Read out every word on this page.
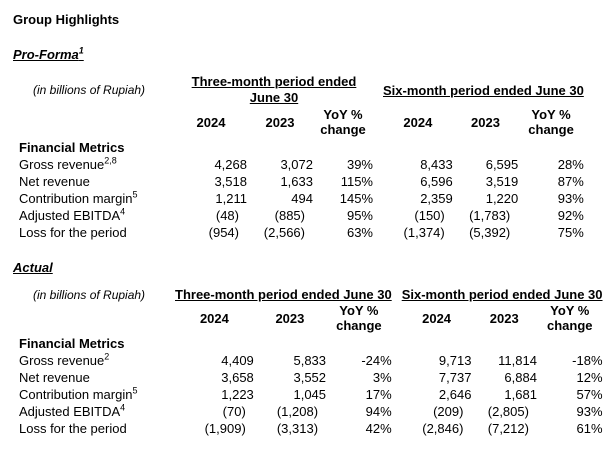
Group Highlights
Pro-Forma$^1$
(in billions of Rupiah)	Three-month period ended June 30				Six-month period ended June 30		
	2024	2023	YoY % change		2024	2023	YoY % change
Financial Metrics							
Gross revenue$^{2,8}$	4,268	3,072	39%		8,433	6,595	28%
Net revenue	3,518	1,633	115%		6,596	3,519	87%
Contribution margin$^5$	1,211	494	145%		2,359	1,220	93%
Adjusted EBITDA$^4$	(48)	(885)	95%		(150)	(1,783)	92%
Loss for the period	(954)	(2,566)	63%		(1,374)	(5,392)	75%
Actual
(in billions of Rupiah)	Three-month period ended June 30				Six-month period ended June 30		
	2024	2023	YoY % change		2024	2023	YoY % change
Financial Metrics							
Gross revenue$^2$	4,409	5,833	-24%		9,713	11,814	-18%
Net revenue	3,658	3,552	3%		7,737	6,884	12%
Contribution margin$^5$	1,223	1,045	17%		2,646	1,681	57%
Adjusted EBITDA$^4$	(70)	(1,208)	94%		(209)	(2,805)	93%
Loss for the period	(1,909)	(3,313)	42%		(2,846)	(7,212)	61%
